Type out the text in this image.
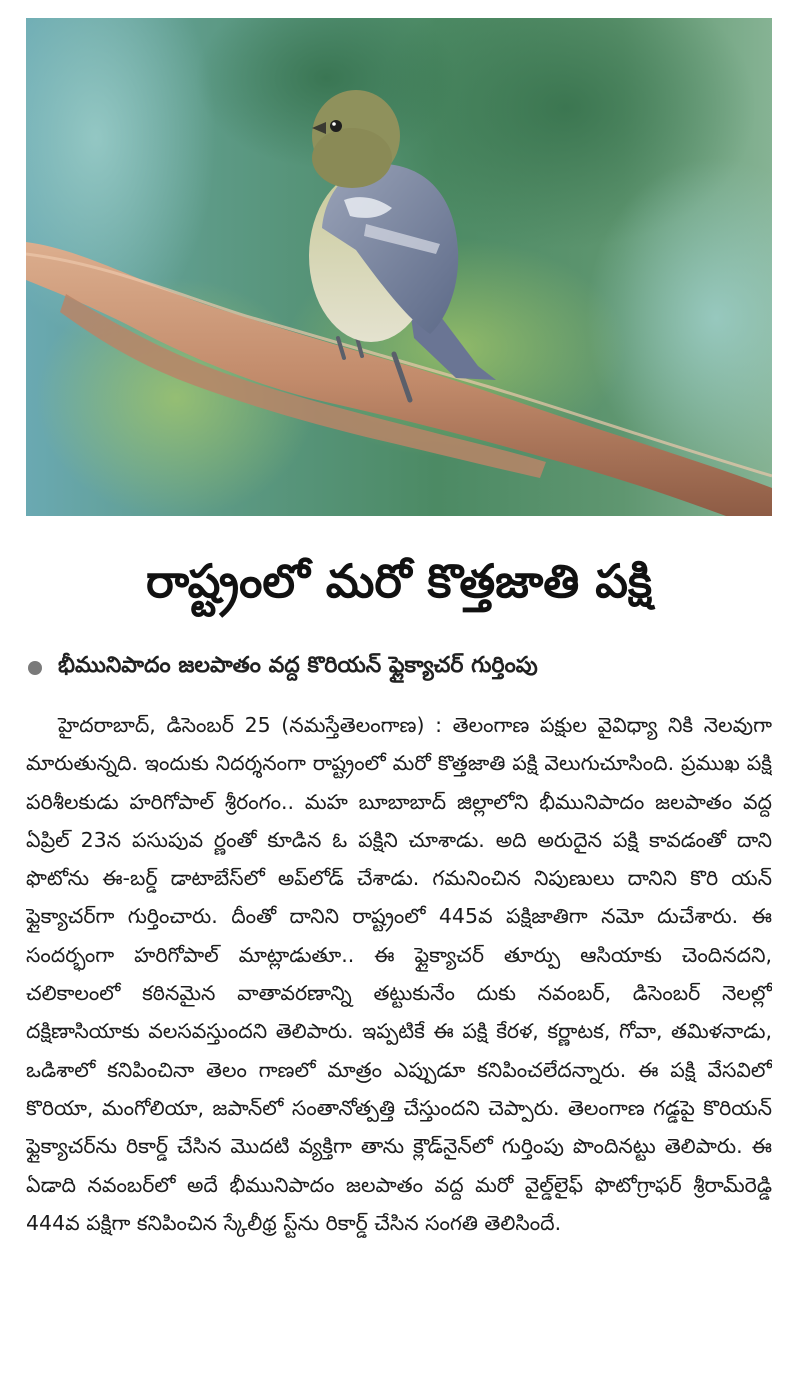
రాష్ట్రంలో మరో కొత్తజాతి పక్షి
భీమునిపాదం జలపాతం వద్ద కొరియన్ ఫ్లైక్యాచర్ గుర్తింపు

హైదరాబాద్, డిసెంబర్ 25 (నమస్తేతెలంగాణ) : తెలంగాణ పక్షుల వైవిధ్యా నికి నెలవుగా మారుతున్నది. ఇందుకు నిదర్శనంగా రాష్ట్రంలో మరో కొత్తజాతి పక్షి వెలుగుచూసింది. ప్రముఖ పక్షి పరిశీలకుడు హరిగోపాల్ శ్రీరంగం.. మహ బూబాబాద్ జిల్లాలోని భీమునిపాదం జలపాతం వద్ద ఏప్రిల్ 23న పసుపువ ర్ణంతో కూడిన ఓ పక్షిని చూశాడు. అది అరుదైన పక్షి కావడంతో దాని ఫొటోను ఈ-బర్డ్ డాటాబేస్‌లో అప్‌లోడ్ చేశాడు. గమనించిన నిపుణులు దానిని కొరి యన్ ఫ్లైక్యాచర్‌గా గుర్తించారు. దీంతో దానిని రాష్ట్రంలో 445వ పక్షిజాతిగా నమో దుచేశారు. ఈ సందర్భంగా హరిగోపాల్ మాట్లాడుతూ.. ఈ ఫ్లైక్యాచర్ తూర్పు ఆసియాకు చెందినదని, చలికాలంలో కఠినమైన వాతావరణాన్ని తట్టుకునేం దుకు నవంబర్, డిసెంబర్ నెలల్లో దక్షిణాసియాకు వలసవస్తుందని తెలిపారు. ఇప్పటికే ఈ పక్షి కేరళ, కర్ణాటక, గోవా, తమిళనాడు, ఒడిశాలో కనిపించినా తెలం గాణలో మాత్రం ఎప్పుడూ కనిపించలేదన్నారు. ఈ పక్షి వేసవిలో కొరియా, మంగోలియా, జపాన్‌లో సంతానోత్పత్తి చేస్తుందని చెప్పారు. తెలంగాణ గడ్డపై కొరియన్ ఫ్లైక్యాచర్‌ను రికార్డ్ చేసిన మొదటి వ్యక్తిగా తాను క్లౌడ్‌నైన్‌లో గుర్తింపు పొందినట్టు తెలిపారు. ఈ ఏడాది నవంబర్‌లో అదే భీమునిపాదం జలపాతం వద్ద మరో వైల్డ్‌లైఫ్ ఫొటోగ్రాఫర్ శ్రీరామ్‌రెడ్డి 444వ పక్షిగా కనిపించిన స్కేలీథ్ర స్ట్‌ను రికార్డ్ చేసిన సంగతి తెలిసిందే.
